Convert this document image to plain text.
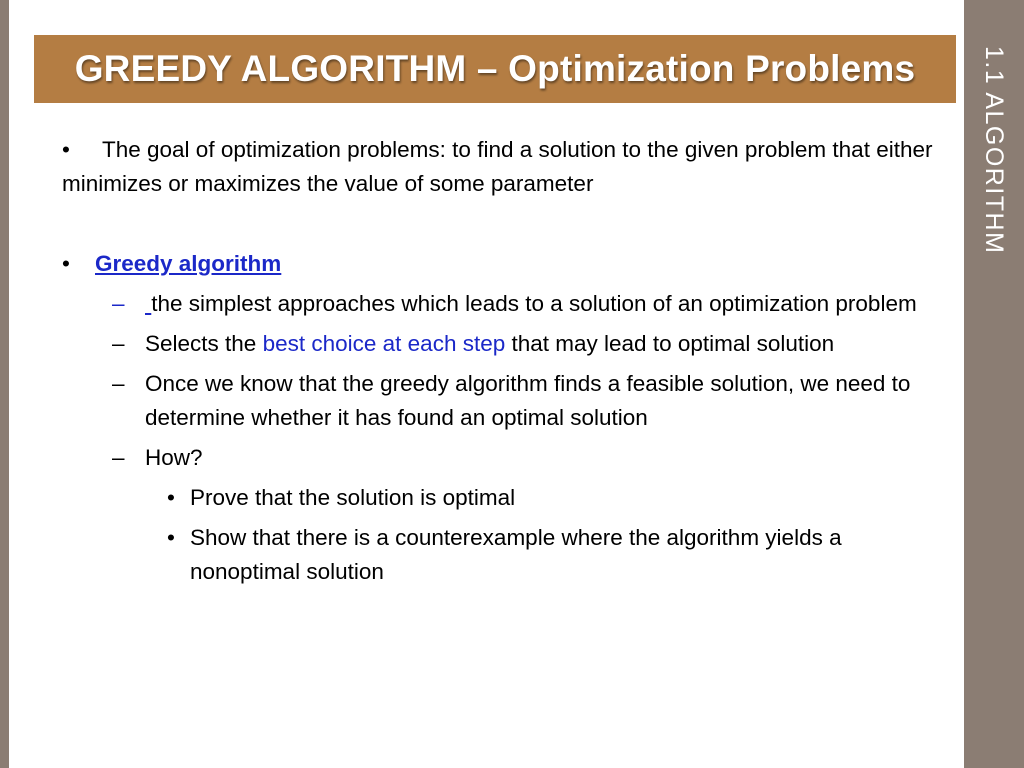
GREEDY ALGORITHM – Optimization Problems	1.1 ALGORITHM

• The goal of optimization problems: to find a solution to the given problem that either minimizes or maximizes the value of some parameter

• Greedy algorithm

– the simplest approaches which leads to a solution of an optimization problem
– Selects the best choice at each step that may lead to optimal solution
– Once we know that the greedy algorithm finds a feasible solution, we need to determine whether it has found an optimal solution
– How?
• Prove that the solution is optimal
• Show that there is a counterexample where the algorithm yields a nonoptimal solution
